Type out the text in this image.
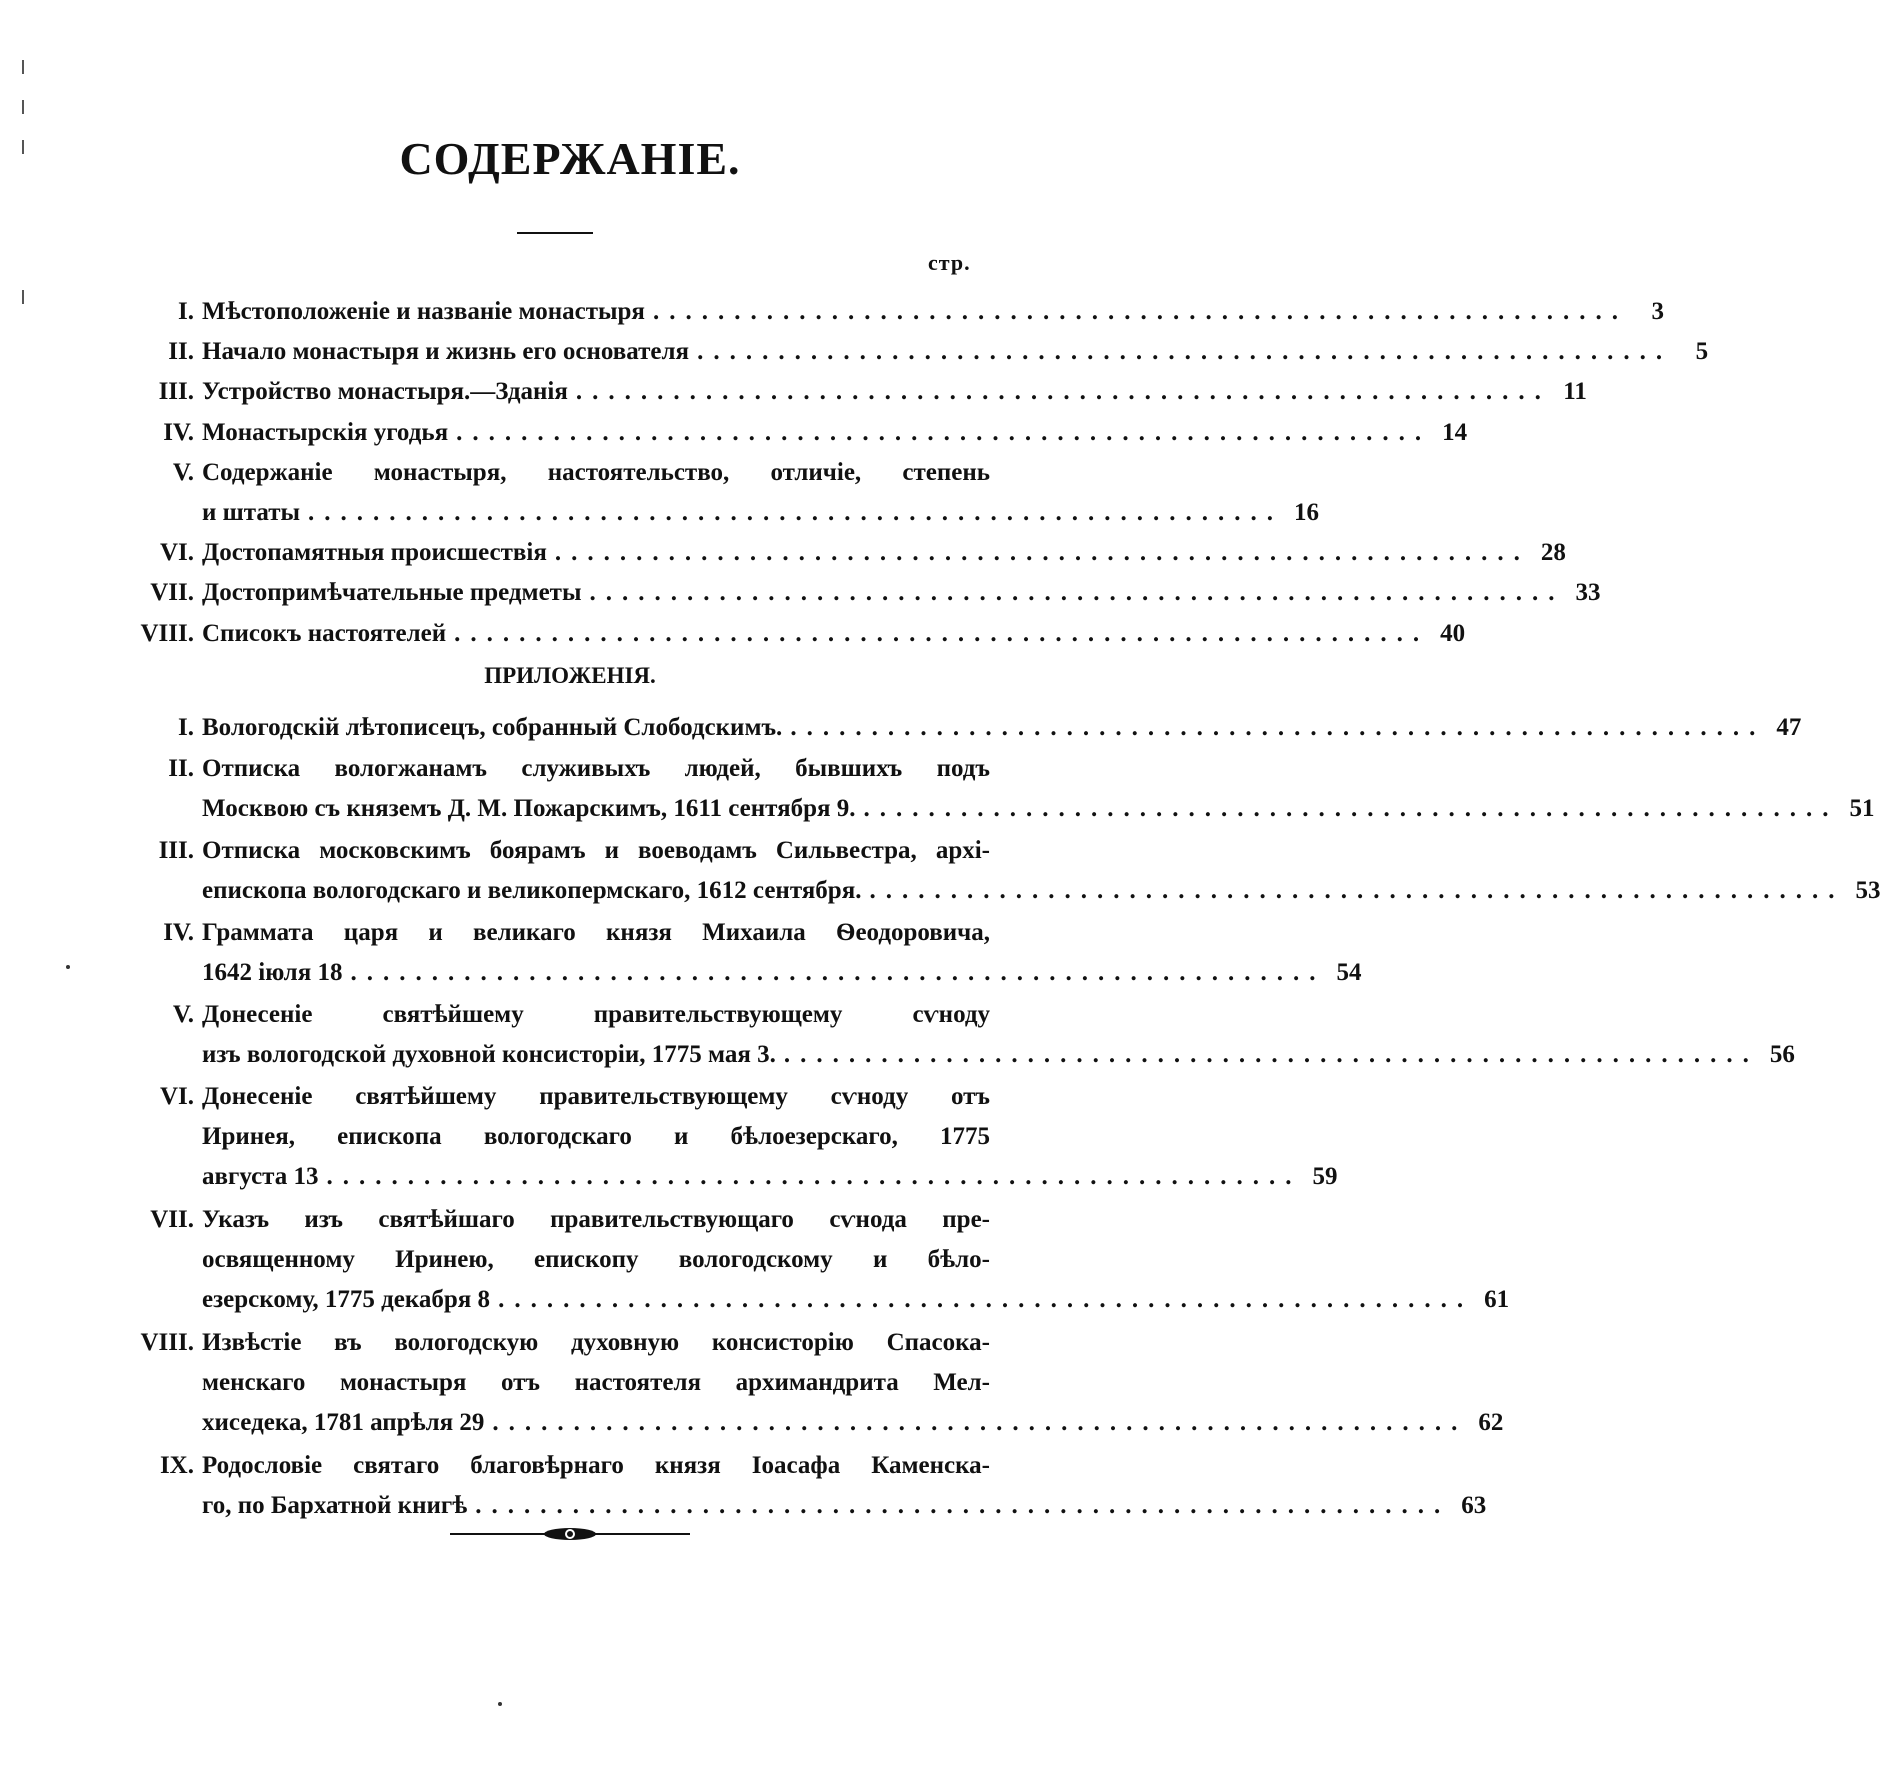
СОДЕРЖАНІЕ.
стр.
I. Мѣстоположеніе и названіе монастыря ............................................................ 3
II. Начало монастыря и жизнь его основателя ............................................................ 5
III. Устройство монастыря.—Зданія ............................................................ 11
IV. Монастырскія угодья ............................................................ 14
V. Содержаніе монастыря, настоятельство, отличіе, степень
и штаты ............................................................ 16
VI. Достопамятныя происшествія ............................................................ 28
VII. Достопримѣчательные предметы ............................................................ 33
VIII. Списокъ настоятелей ............................................................ 40
ПРИЛОЖЕНІЯ.
I. Вологодскій лѣтописецъ, собранный Слободскимъ. ............................................................ 47
II. Отписка вологжанамъ служивыхъ людей, бывшихъ подъ
Москвою съ княземъ Д. М. Пожарскимъ, 1611 сентября 9. ............................................................ 51
III. Отписка московскимъ боярамъ и воеводамъ Сильвестра, архі-
епископа вологодскаго и великопермскаго, 1612 сентября. ............................................................ 53
IV. Граммата царя и великаго князя Михаила Ѳеодоровича,
1642 іюля 18 ............................................................ 54
V. Донесеніе святѣйшему правительствующему сѵноду
изъ вологодской духовной консисторіи, 1775 мая 3. ............................................................ 56
VI. Донесеніе святѣйшему правительствующему сѵноду отъ
Иринея, епископа вологодскаго и бѣлоезерскаго, 1775
августа 13 ............................................................ 59
VII. Указъ изъ святѣйшаго правительствующаго сѵнода пре-
освященному Иринею, епископу вологодскому и бѣло-
езерскому, 1775 декабря 8 ............................................................ 61
VIII. Извѣстіе въ вологодскую духовную консисторію Спасока-
менскаго монастыря отъ настоятеля архимандрита Мел-
хиседека, 1781 апрѣля 29 ............................................................ 62
IX. Родословіе святаго благовѣрнаго князя Іоасафа Каменска-
го, по Бархатной книгѣ ............................................................ 63
